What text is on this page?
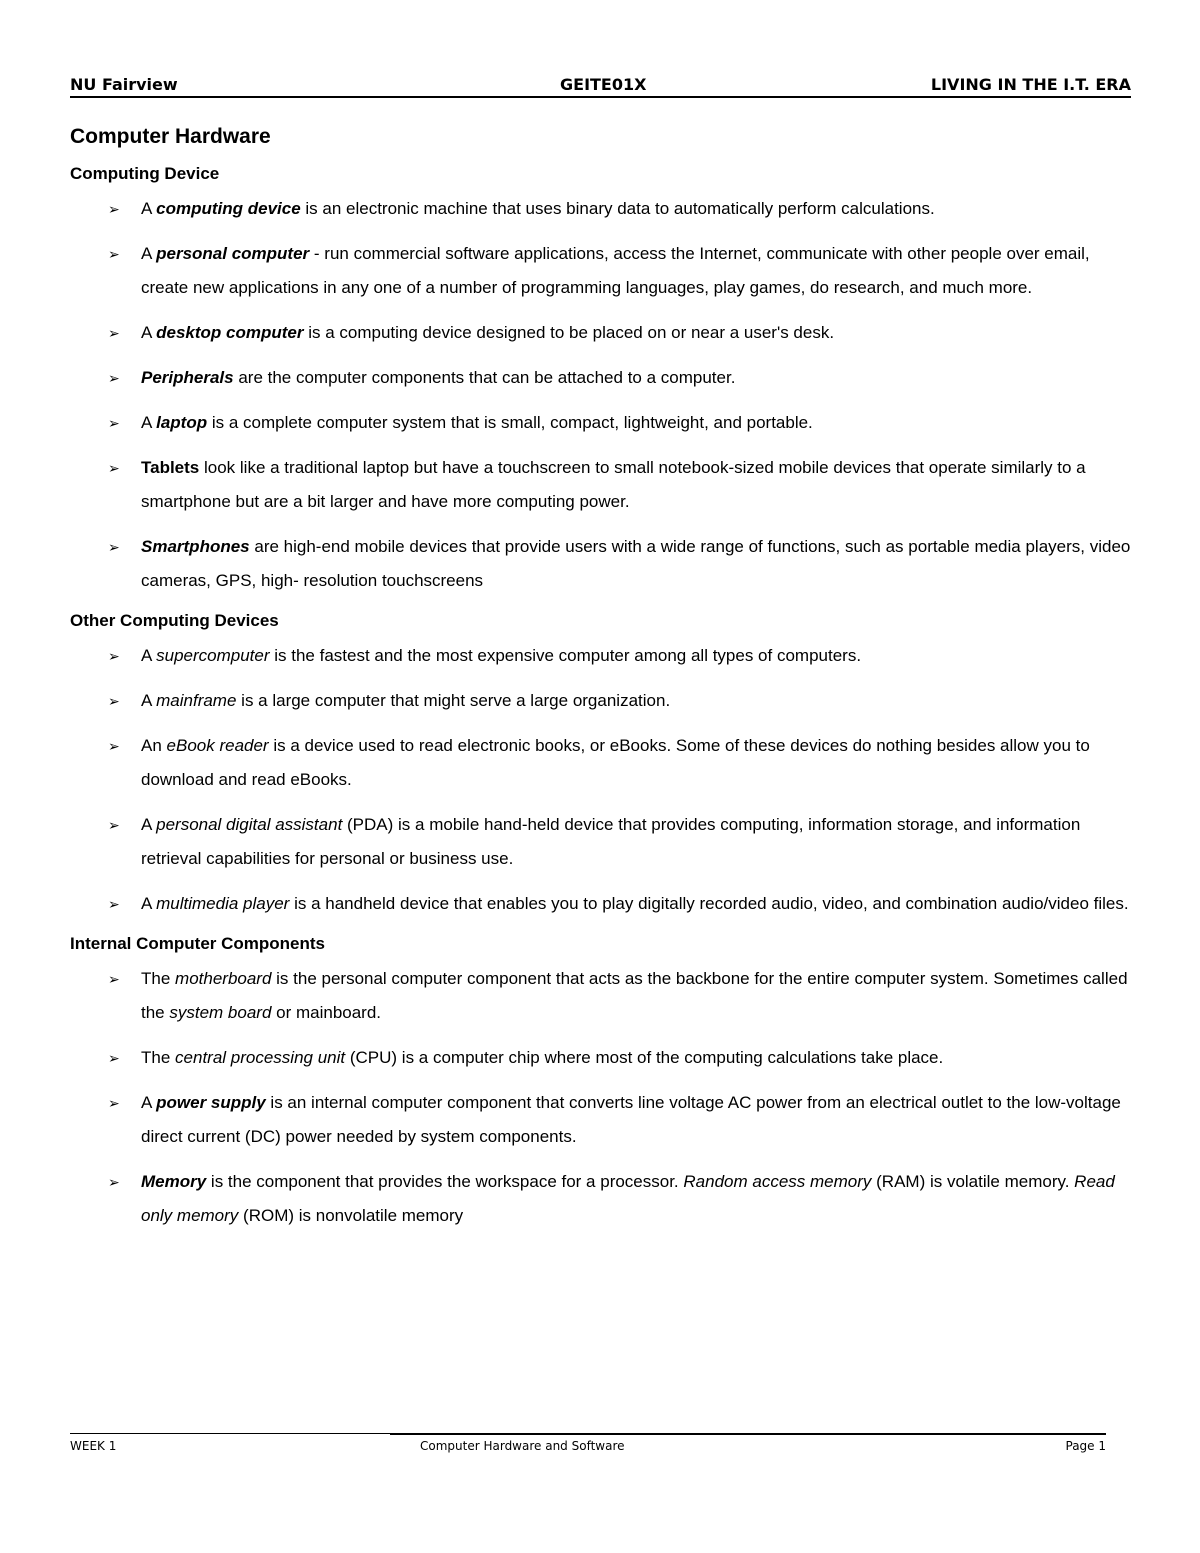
NU Fairview	GEITE01X	LIVING IN THE I.T. ERA
Computer Hardware
Computing Device
➢ A computing device is an electronic machine that uses binary data to automatically perform calculations.
➢ A personal computer - run commercial software applications, access the Internet, communicate with other people over email, create new applications in any one of a number of programming languages, play games, do research, and much more.
➢ A desktop computer is a computing device designed to be placed on or near a user's desk.
➢ Peripherals are the computer components that can be attached to a computer.
➢ A laptop is a complete computer system that is small, compact, lightweight, and portable.
➢ Tablets look like a traditional laptop but have a touchscreen to small notebook-sized mobile devices that operate similarly to a smartphone but are a bit larger and have more computing power.
➢ Smartphones are high-end mobile devices that provide users with a wide range of functions, such as portable media players, video cameras, GPS, high- resolution touchscreens
Other Computing Devices
➢ A supercomputer is the fastest and the most expensive computer among all types of computers.
➢ A mainframe is a large computer that might serve a large organization.
➢ An eBook reader is a device used to read electronic books, or eBooks. Some of these devices do nothing besides allow you to download and read eBooks.
➢ A personal digital assistant (PDA) is a mobile hand-held device that provides computing, information storage, and information retrieval capabilities for personal or business use.
➢ A multimedia player is a handheld device that enables you to play digitally recorded audio, video, and combination audio/video files.
Internal Computer Components
➢ The motherboard is the personal computer component that acts as the backbone for the entire computer system. Sometimes called the system board or mainboard.
➢ The central processing unit (CPU) is a computer chip where most of the computing calculations take place.
➢ A power supply is an internal computer component that converts line voltage AC power from an electrical outlet to the low-voltage direct current (DC) power needed by system components.
➢ Memory is the component that provides the workspace for a processor. Random access memory (RAM) is volatile memory. Read only memory (ROM) is nonvolatile memory
WEEK 1	Computer Hardware and Software	Page 1
